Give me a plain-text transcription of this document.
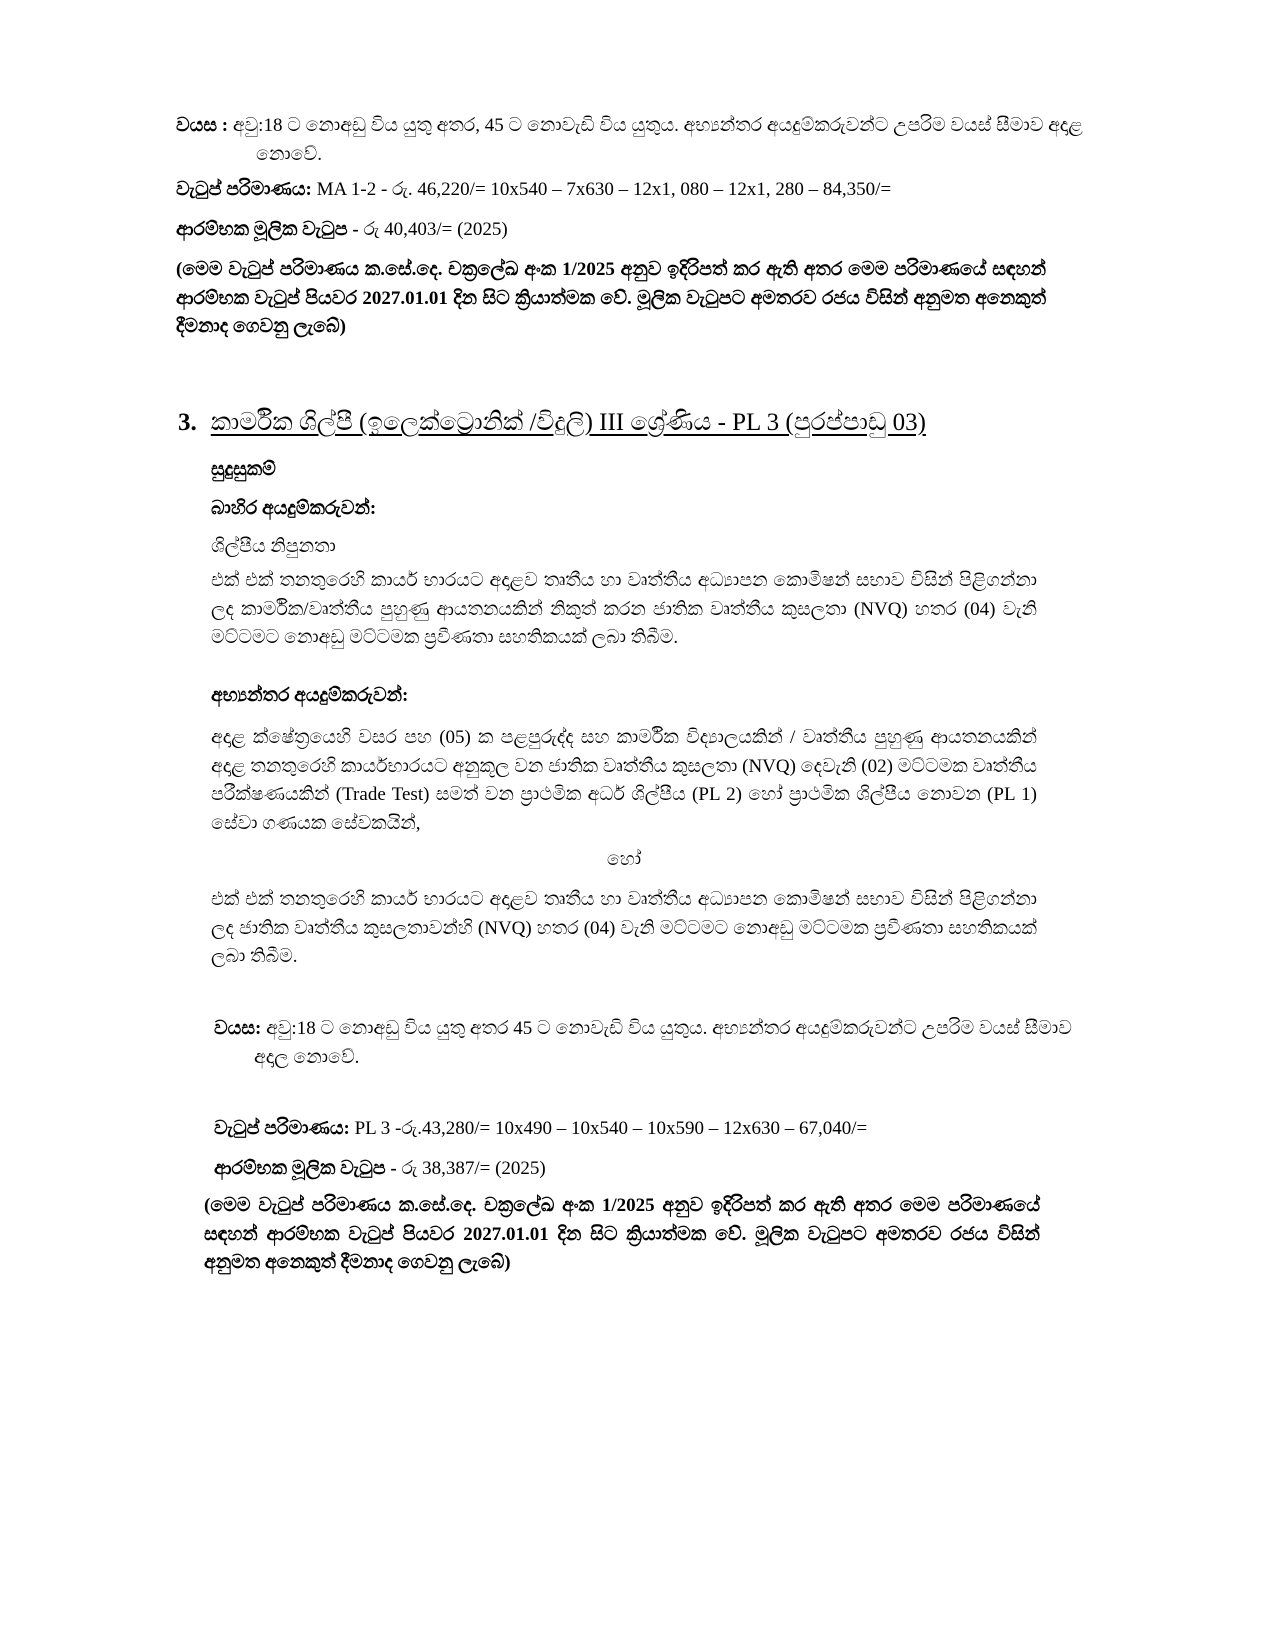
වයස : අවු:18 ට නොඅඩු විය යුතු අතර, 45 ට නොවැඩි විය යුතුය. අභ්‍යන්තර අයදුම්කරුවන්ට උපරිම වයස් සීමාව අදාළ නොවේ.
වැටුප් පරිමාණය: MA 1-2 - රු. 46,220/= 10x540 – 7x630 – 12x1, 080 – 12x1, 280 – 84,350/=
ආරම්භක මූලික වැටුප - රු 40,403/= (2025)
(මෙම වැටුප් පරිමාණය ක.සේ.දෙ. චක්‍රලේඛ අංක 1/2025 අනුව ඉදිරිපත් කර ඇති අතර මෙම පරිමාණයේ සඳහන් ආරම්භක වැටුප් පියවර 2027.01.01 දින සිට ක්‍රියාත්මක වේ. මූලික වැටුපට අමතරව රජය විසින් අනුමත අනෙකුත් දීමනාද ගෙවනු ලැබේ)
3. කාර්මික ශිල්පී (ඉලෙක්ට්‍රොනික් /විදුලි) III ශ්‍රේණිය - PL 3 (පුරප්පාඩු 03)
සුදුසුකම්
බාහිර අයදුම්කරුවන්:
ශිල්පීය නිපුනතා
එක් එක් තනතුරෙහි කාර්ය භාරයට අදාළව තෘතීය හා වෘත්තීය අධ්‍යාපන කොමිෂන් සභාව විසින් පිළිගන්නා ලද කාර්මික/වෘත්තීය පුහුණු ආයතනයකින් නිකුත් කරන ජාතික වෘත්තීය කුසලතා (NVQ) හතර (04) වැනි මට්ටමට නොඅඩු මට්ටමක ප්‍රවීණතා සහතිකයක් ලබා තිබීම.
අභ්‍යන්තර අයදුම්කරුවන්:
අදාළ ක්ෂේත්‍රයෙහි වසර පහ (05) ක පළපුරුද්ද සහ කාර්මික විද්‍යාලයකින් / වෘත්තීය පුහුණු ආයතනයකින් අදාළ තනතුරෙහි කාර්යභාරයට අනුකූල වන ජාතික වෘත්තීය කුසලතා (NVQ) දෙවැනි (02) මට්ටමක වෘත්තීය පරීක්ෂණයකින් (Trade Test) සමත් වන ප්‍රාථමික අර්ධ ශිල්පීය (PL 2) හෝ ප්‍රාථමික ශිල්පීය නොවන (PL 1) සේවා ගණයක සේවකයින්,
හෝ
එක් එක් තනතුරෙහි කාර්ය භාරයට අදාළව තෘතීය හා වෘත්තීය අධ්‍යාපන කොමිෂන් සභාව විසින් පිළිගන්නා ලද ජාතික වෘත්තීය කුසලතාවන්හි (NVQ) හතර (04) වැනි මට්ටමට නොඅඩු මට්ටමක ප්‍රවීණතා සහතිකයක් ලබා තිබීම.
වයස: අවු:18 ට නොඅඩු විය යුතු අතර 45 ට නොවැඩි විය යුතුය. අභ්‍යන්තර අයදුම්කරුවන්ට උපරිම වයස් සීමාව අදාල නොවේ.
වැටුප් පරිමාණය: PL 3 -රු.43,280/= 10x490 – 10x540 – 10x590 – 12x630 – 67,040/=
ආරම්භක මූලික වැටුප - රු 38,387/= (2025)
(මෙම වැටුප් පරිමාණය ක.සේ.දෙ. චක්‍රලේඛ අංක 1/2025 අනුව ඉදිරිපත් කර ඇති අතර මෙම පරිමාණයේ සඳහන් ආරම්භක වැටුප් පියවර 2027.01.01 දින සිට ක්‍රියාත්මක වේ. මූලික වැටුපට අමතරව රජය විසින් අනුමත අනෙකුත් දීමනාද ගෙවනු ලැබේ)
